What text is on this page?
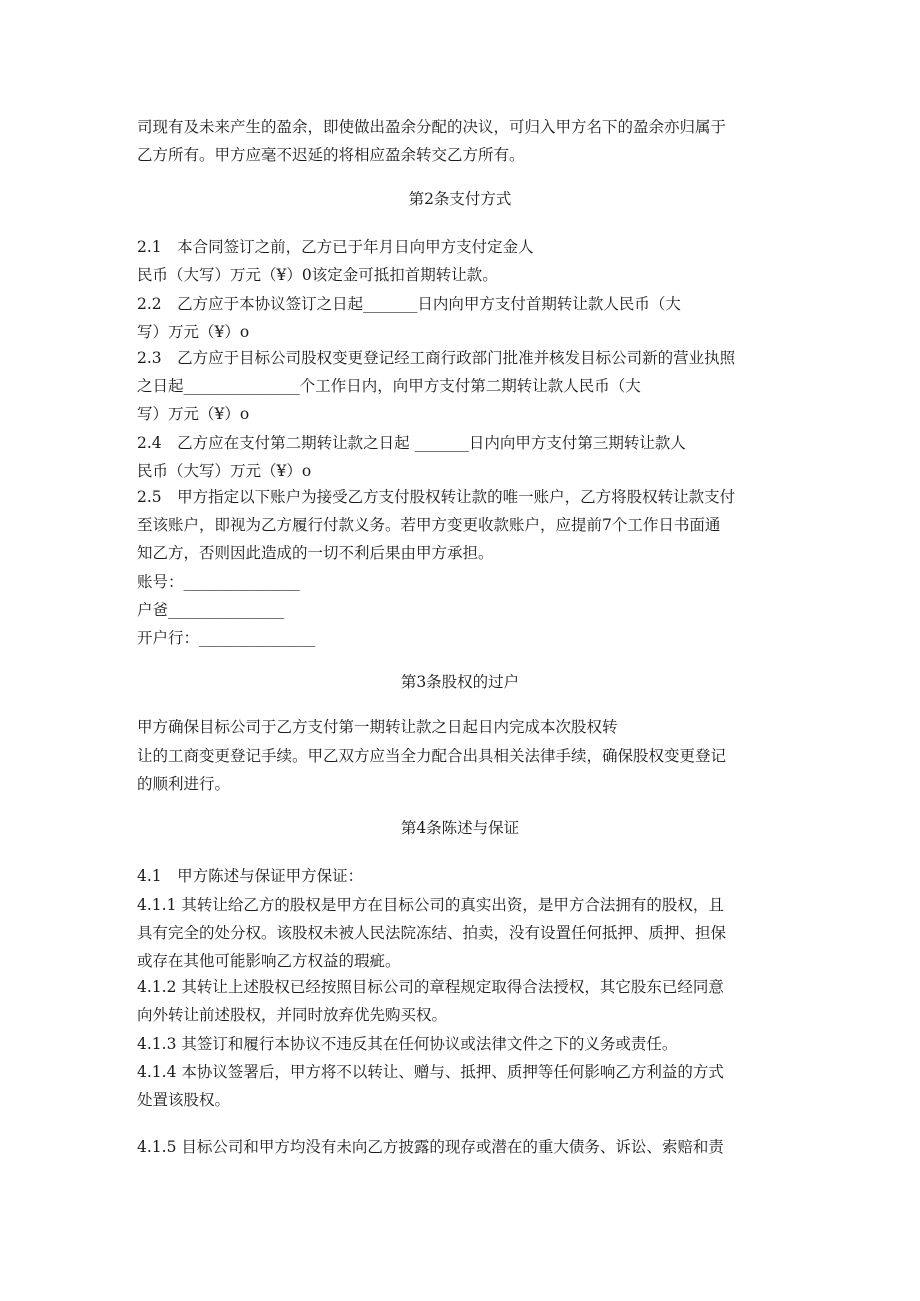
司现有及未来产生的盈余，即使做出盈余分配的决议，可归入甲方名下的盈余亦归属于
乙方所有。甲方应毫不迟延的将相应盈余转交乙方所有。
第2条支付方式
2.1　本合同签订之前，乙方已于年月日向甲方支付定金人
民币（大写）万元（¥）0该定金可抵扣首期转让款。
2.2　乙方应于本协议签订之日起_______日内向甲方支付首期转让款人民币（大
写）万元（¥）o
2.3　乙方应于目标公司股权变更登记经工商行政部门批准并核发目标公司新的营业执照
之日起_______________个工作日内，向甲方支付第二期转让款人民币（大
写）万元（¥）o
2.4　乙方应在支付第二期转让款之日起 _______日内向甲方支付第三期转让款人
民币（大写）万元（¥）o
2.5　甲方指定以下账户为接受乙方支付股权转让款的唯一账户，乙方将股权转让款支付
至该账户，即视为乙方履行付款义务。若甲方变更收款账户，应提前7个工作日书面通
知乙方，否则因此造成的一切不利后果由甲方承担。
账号：_______________
户爸_______________
开户行：_______________
第3条股权的过户
甲方确保目标公司于乙方支付第一期转让款之日起日内完成本次股权转
让的工商变更登记手续。甲乙双方应当全力配合出具相关法律手续，确保股权变更登记
的顺利进行。
第4条陈述与保证
4.1　甲方陈述与保证甲方保证：
4.1.1 其转让给乙方的股权是甲方在目标公司的真实出资，是甲方合法拥有的股权，且
具有完全的处分权。该股权未被人民法院冻结、拍卖，没有设置任何抵押、质押、担保
或存在其他可能影响乙方权益的瑕疵。
4.1.2 其转让上述股权已经按照目标公司的章程规定取得合法授权，其它股东已经同意
向外转让前述股权，并同时放弃优先购买权。
4.1.3 其签订和履行本协议不违反其在任何协议或法律文件之下的义务或责任。
4.1.4 本协议签署后，甲方将不以转让、赠与、抵押、质押等任何影响乙方利益的方式
处置该股权。
4.1.5 目标公司和甲方均没有未向乙方披露的现存或潜在的重大债务、诉讼、索赔和责
